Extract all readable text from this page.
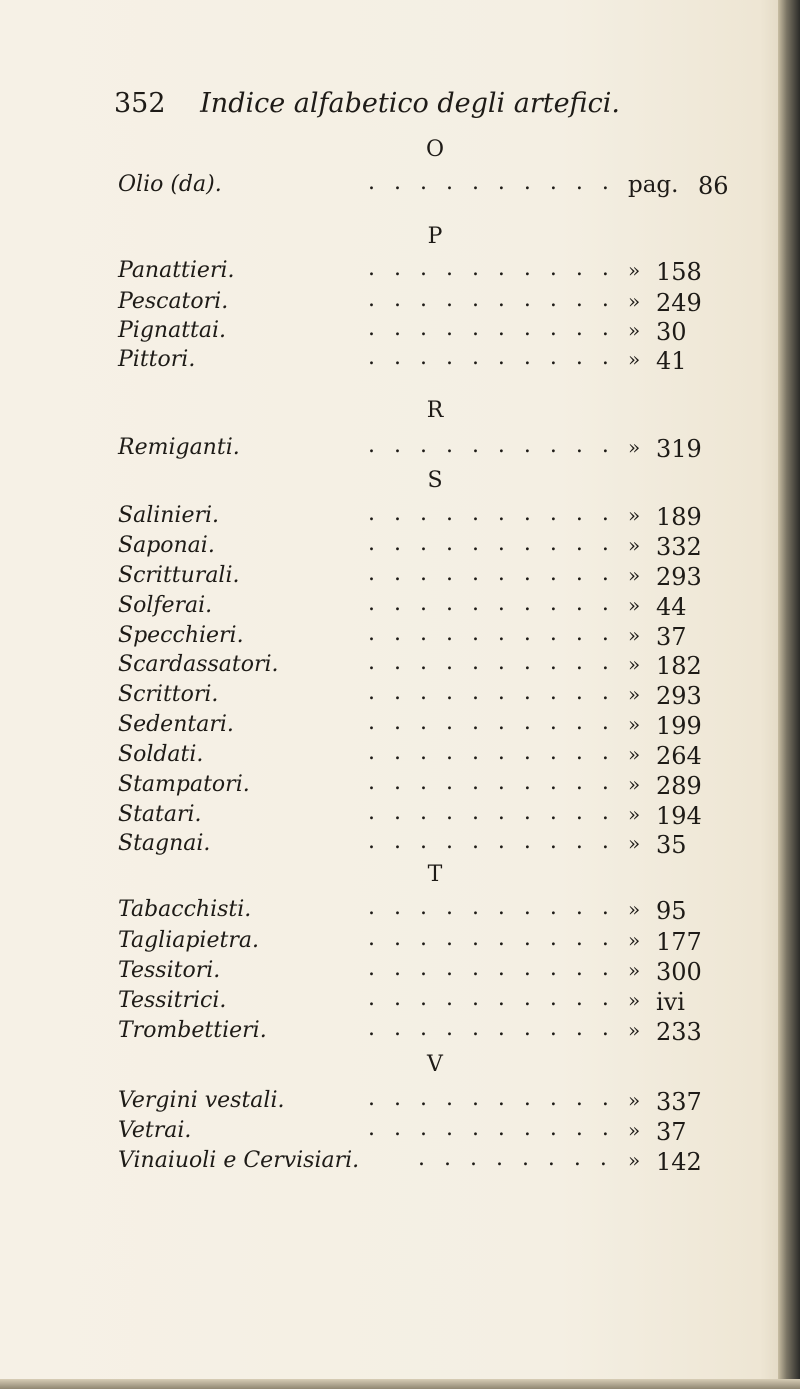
352 Indice alfabetico degli artefici.
O
Olio (da).	. . . . . . . . . . pag. 86
P
Panattieri.	. . . . . . . . . . » 158
Pescatori.	. . . . . . . . . . » 249
Pignattai.	. . . . . . . . . . » 30
Pittori.	. . . . . . . . . . » 41
R
Remiganti.	. . . . . . . . . . » 319
S
Salinieri.	. . . . . . . . . . » 189
Saponai.	. . . . . . . . . . » 332
Scritturali.	. . . . . . . . . . » 293
Solferai.	. . . . . . . . . . » 44
Specchieri.	. . . . . . . . . . » 37
Scardassatori.	. . . . . . . . . . » 182
Scrittori.	. . . . . . . . . . » 293
Sedentari.	. . . . . . . . . . » 199
Soldati.	. . . . . . . . . . » 264
Stampatori.	. . . . . . . . . . » 289
Statari.	. . . . . . . . . . » 194
Stagnai.	. . . . . . . . . . » 35
T
Tabacchisti.	. . . . . . . . . . » 95
Tagliapietra.	. . . . . . . . . . » 177
Tessitori.	. . . . . . . . . . » 300
Tessitrici.	. . . . . . . . . . » ivi
Trombettieri.	. . . . . . . . . . » 233
V
Vergini vestali.	. . . . . . . . . . » 337
Vetrai.	. . . . . . . . . . » 37
Vinaiuoli e Cervisiari.	. . . . . . . . » 142
